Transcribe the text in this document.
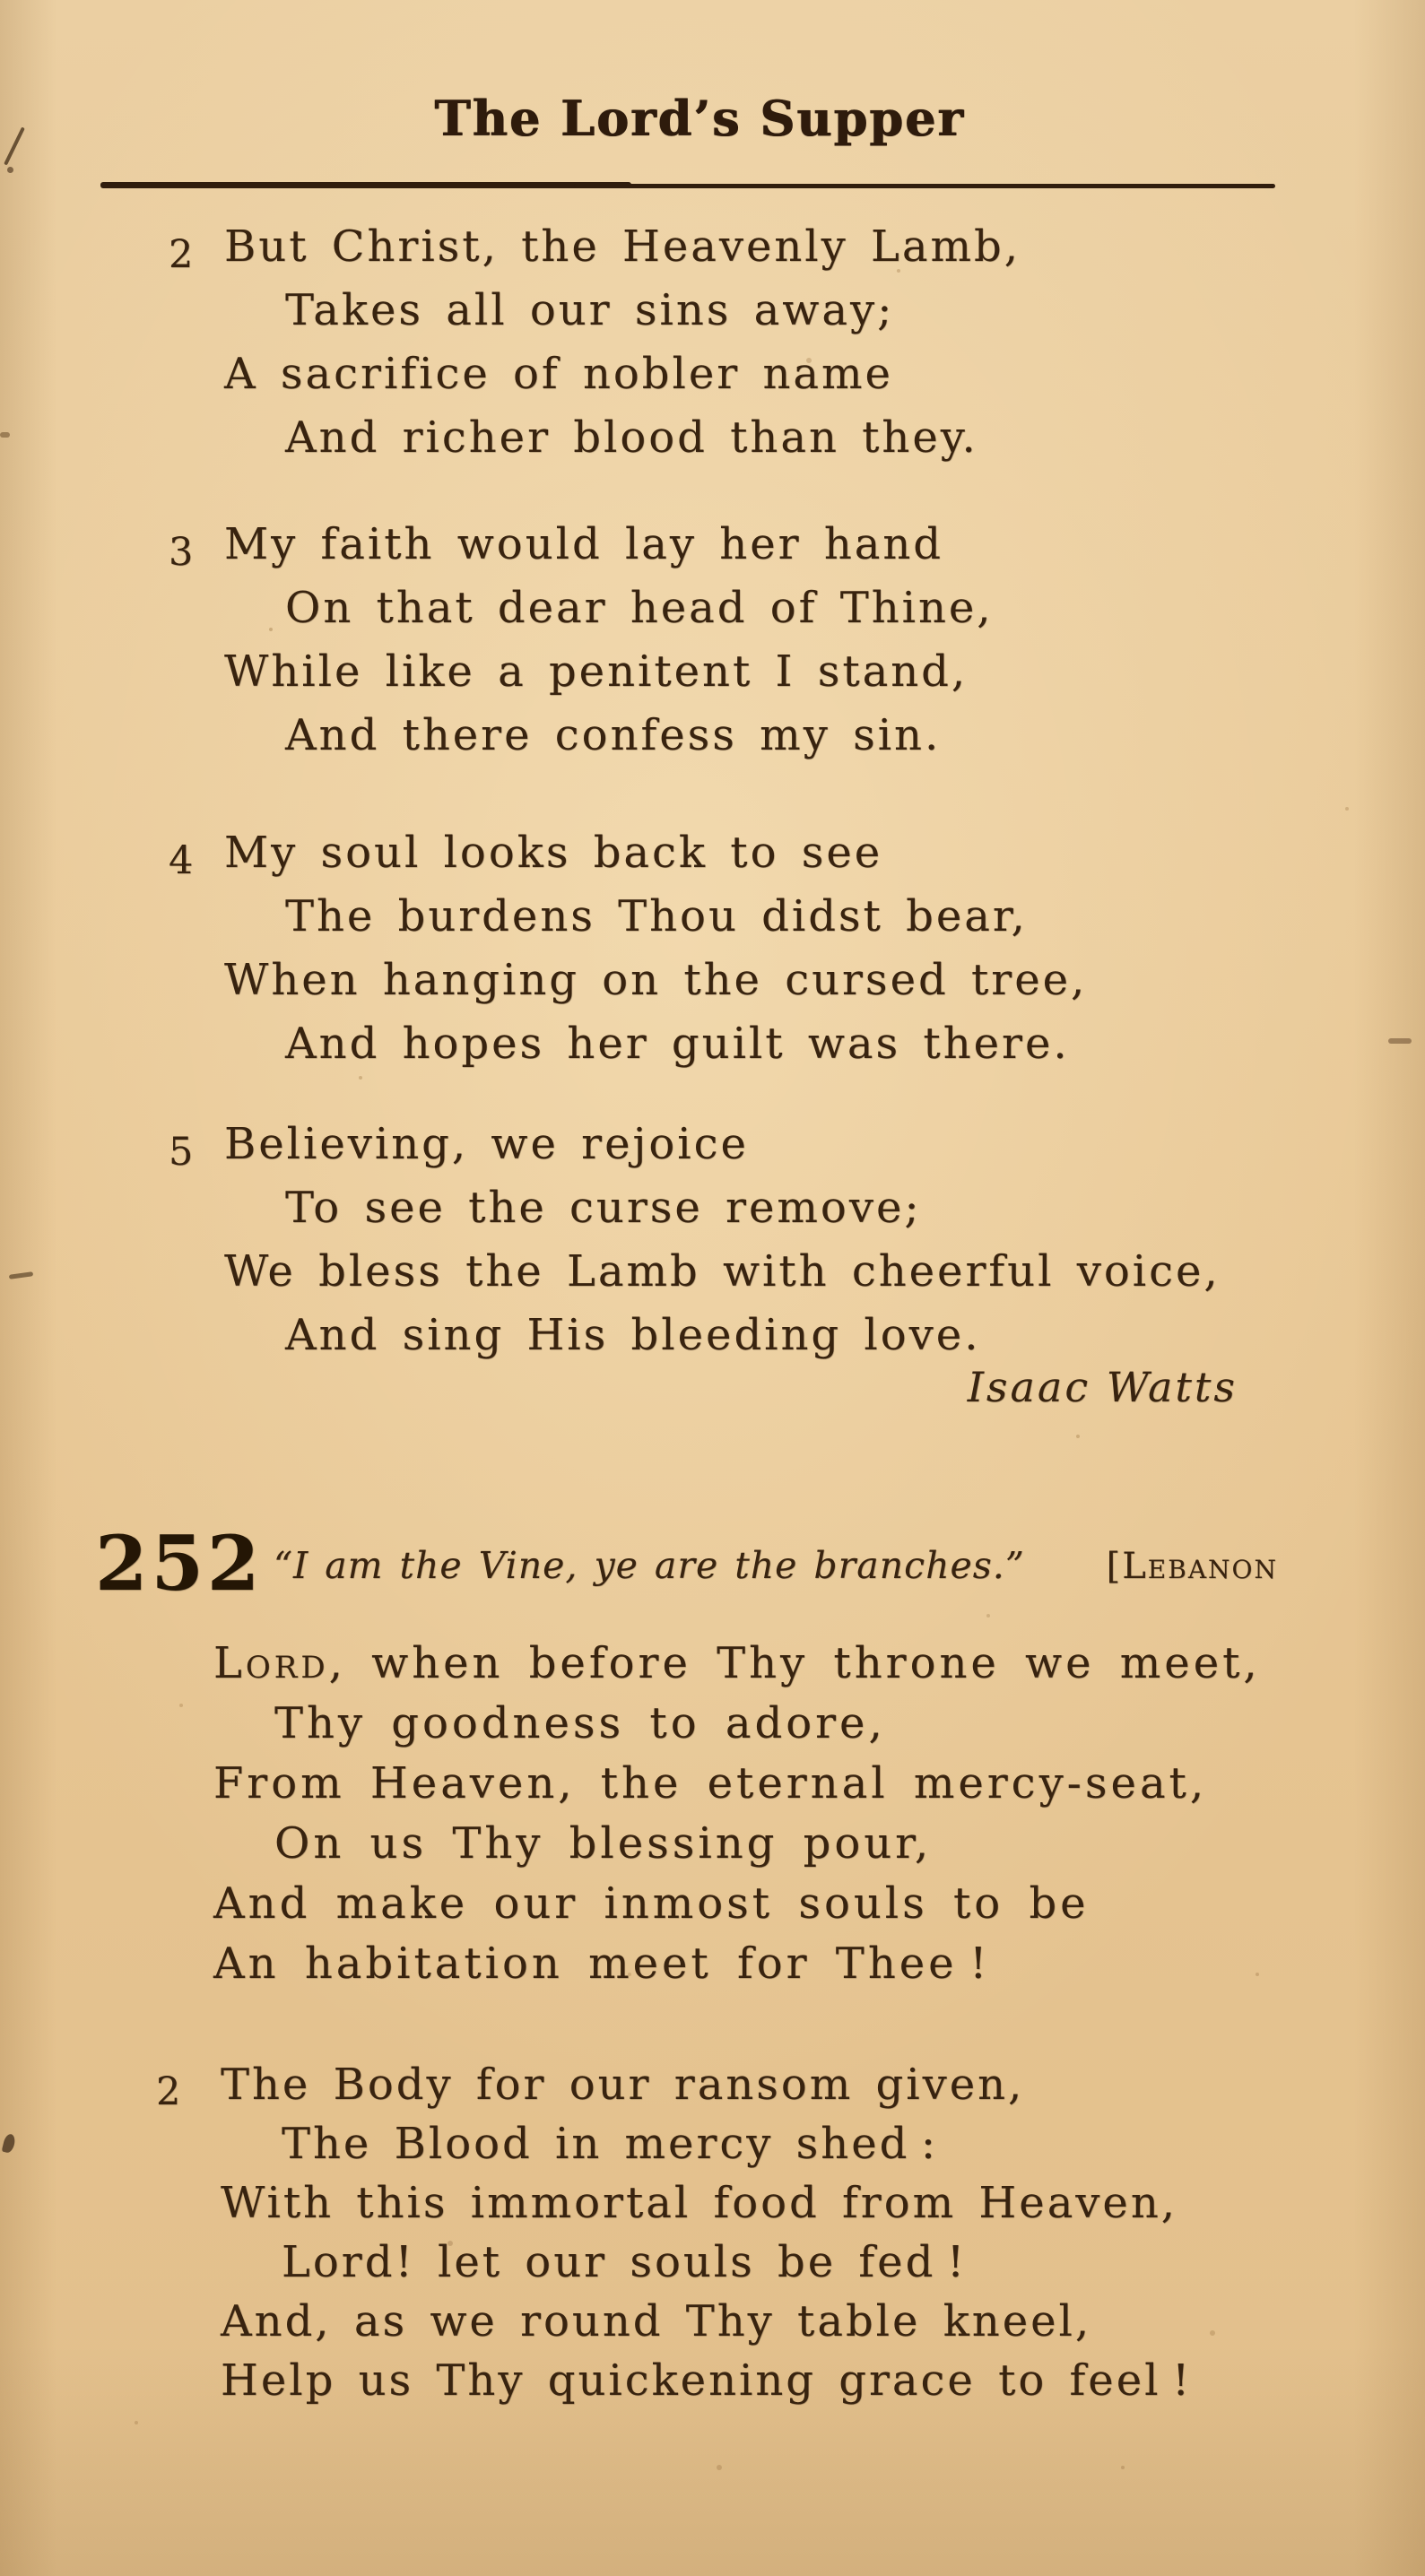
The Lord’s Supper
2 But Christ, the Heavenly Lamb,
Takes all our sins away;
A sacrifice of nobler name
And richer blood than they.
3 My faith would lay her hand
On that dear head of Thine,
While like a penitent I stand,
And there confess my sin.
4 My soul looks back to see
The burdens Thou didst bear,
When hanging on the cursed tree,
And hopes her guilt was there.
5 Believing, we rejoice
To see the curse remove;
We bless the Lamb with cheerful voice,
And sing His bleeding love.
Isaac Watts
252 “I am the Vine, ye are the branches.” [Lebanon
Lord, when before Thy throne we meet,
Thy goodness to adore,
From Heaven, the eternal mercy-seat,
On us Thy blessing pour,
And make our inmost souls to be
An habitation meet for Thee !
2 The Body for our ransom given,
The Blood in mercy shed :
With this immortal food from Heaven,
Lord! let our souls be fed !
And, as we round Thy table kneel,
Help us Thy quickening grace to feel !
